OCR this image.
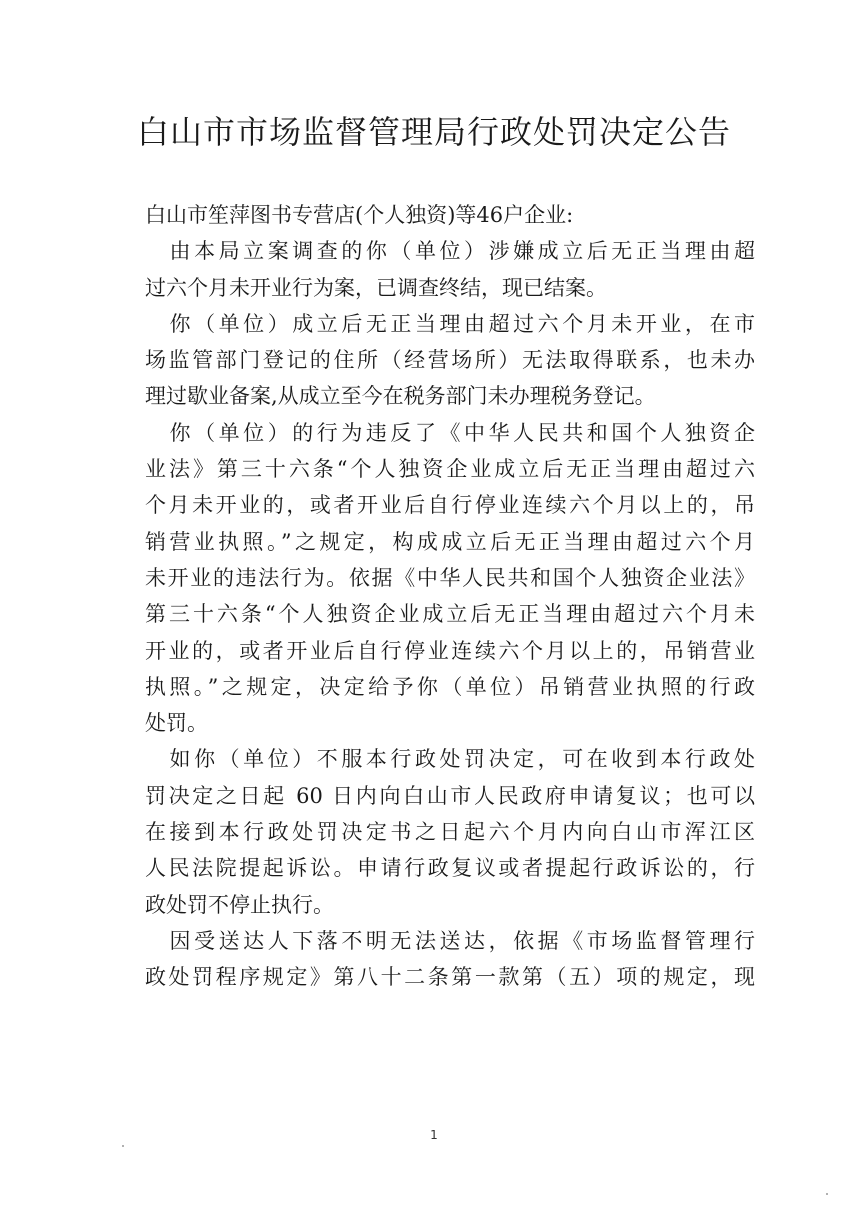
白山市市场监督管理局行政处罚决定公告
白山市笙萍图书专营店(个人独资)等46户企业:
　由本局立案调查的你（单位）涉嫌成立后无正当理由超
过六个月未开业行为案，已调查终结，现已结案。
　你（单位）成立后无正当理由超过六个月未开业，在市
场监管部门登记的住所（经营场所）无法取得联系，也未办
理过歇业备案,从成立至今在税务部门未办理税务登记。
　你（单位）的行为违反了《中华人民共和国个人独资企
业法》第三十六条“个人独资企业成立后无正当理由超过六
个月未开业的，或者开业后自行停业连续六个月以上的，吊
销营业执照。”之规定，构成成立后无正当理由超过六个月
未开业的违法行为。依据《中华人民共和国个人独资企业法》
第三十六条“个人独资企业成立后无正当理由超过六个月未
开业的，或者开业后自行停业连续六个月以上的，吊销营业
执照。”之规定，决定给予你（单位）吊销营业执照的行政
处罚。
　如你（单位）不服本行政处罚决定，可在收到本行政处
罚决定之日起 60 日内向白山市人民政府申请复议；也可以
在接到本行政处罚决定书之日起六个月内向白山市浑江区
人民法院提起诉讼。申请行政复议或者提起行政诉讼的，行
政处罚不停止执行。
　因受送达人下落不明无法送达，依据《市场监督管理行
政处罚程序规定》第八十二条第一款第（五）项的规定，现
1
